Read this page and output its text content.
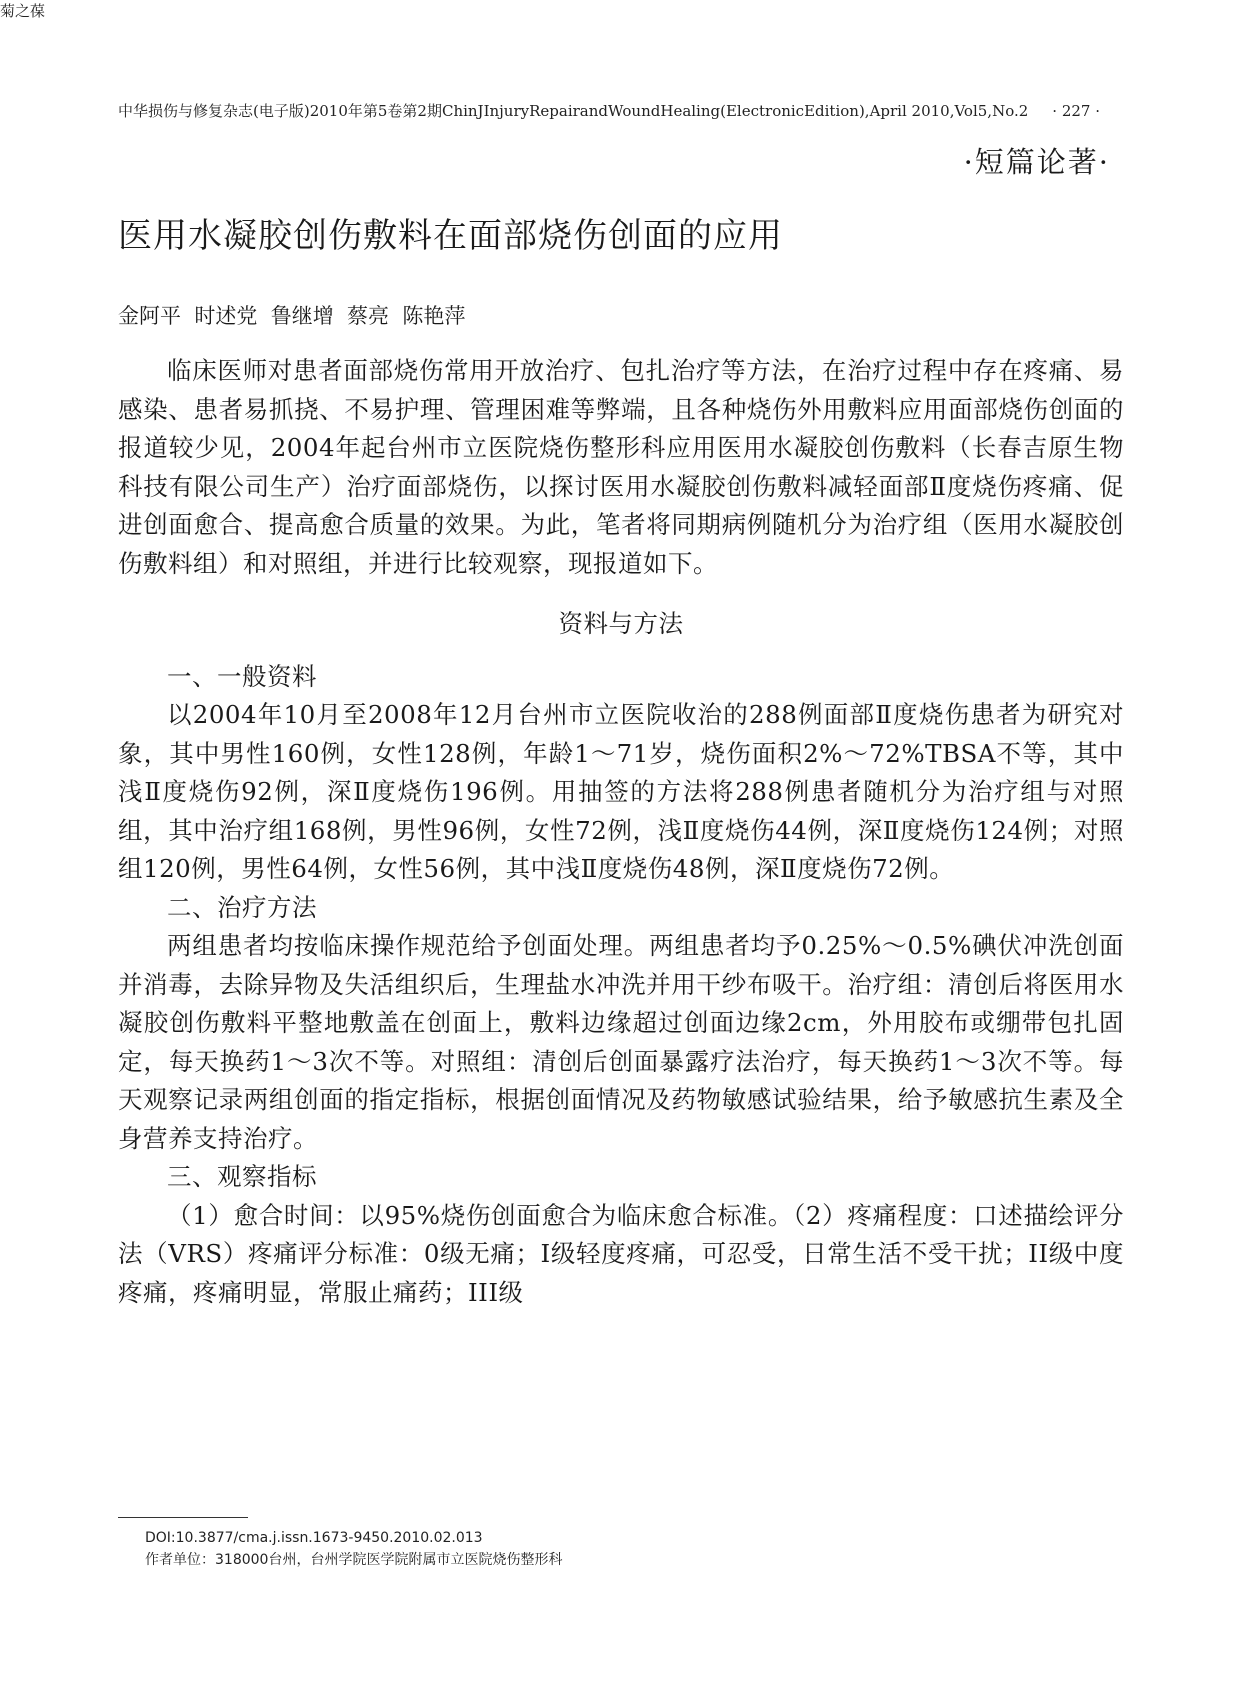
菊之葆
中华损伤与修复杂志(电子版)2010年第5卷第2期ChinJInjuryRepairandWoundHealing(ElectronicEdition),April 2010,Vol5,No.2 · 227 ·
·短篇论著·
医用水凝胶创伤敷料在面部烧伤创面的应用
金阿平  时述党  鲁继增  蔡亮  陈艳萍

临床医师对患者面部烧伤常用开放治疗、包扎治疗等方法，在治疗过程中存在疼痛、易感染、患者易抓挠、不易护理、管理困难等弊端，且各种烧伤外用敷料应用面部烧伤创面的报道较少见，2004年起台州市立医院烧伤整形科应用医用水凝胶创伤敷料（长春吉原生物科技有限公司生产）治疗面部烧伤，以探讨医用水凝胶创伤敷料减轻面部Ⅱ度烧伤疼痛、促进创面愈合、提高愈合质量的效果。为此，笔者将同期病例随机分为治疗组（医用水凝胶创伤敷料组）和对照组，并进行比较观察，现报道如下。

资料与方法

一、一般资料

以2004年10月至2008年12月台州市立医院收治的288例面部Ⅱ度烧伤患者为研究对象，其中男性160例，女性128例，年龄1～71岁，烧伤面积2%～72%TBSA不等，其中浅Ⅱ度烧伤92例，深Ⅱ度烧伤196例。用抽签的方法将288例患者随机分为治疗组与对照组，其中治疗组168例，男性96例，女性72例，浅Ⅱ度烧伤44例，深Ⅱ度烧伤124例；对照组120例，男性64例，女性56例，其中浅Ⅱ度烧伤48例，深Ⅱ度烧伤72例。

二、治疗方法

两组患者均按临床操作规范给予创面处理。两组患者均予0.25%～0.5%碘伏冲洗创面并消毒，去除异物及失活组织后，生理盐水冲洗并用干纱布吸干。治疗组：清创后将医用水凝胶创伤敷料平整地敷盖在创面上，敷料边缘超过创面边缘2cm，外用胶布或绷带包扎固定，每天换药1～3次不等。对照组：清创后创面暴露疗法治疗，每天换药1～3次不等。每天观察记录两组创面的指定指标，根据创面情况及药物敏感试验结果，给予敏感抗生素及全身营养支持治疗。

三、观察指标

（1）愈合时间：以95%烧伤创面愈合为临床愈合标准。（2）疼痛程度：口述描绘评分法（VRS）疼痛评分标准：0级无痛；I级轻度疼痛，可忍受，日常生活不受干扰；II级中度疼痛，疼痛明显，常服止痛药；III级

DOI:10.3877/cma.j.issn.1673-9450.2010.02.013
作者单位：318000台州，台州学院医学院附属市立医院烧伤整形科
